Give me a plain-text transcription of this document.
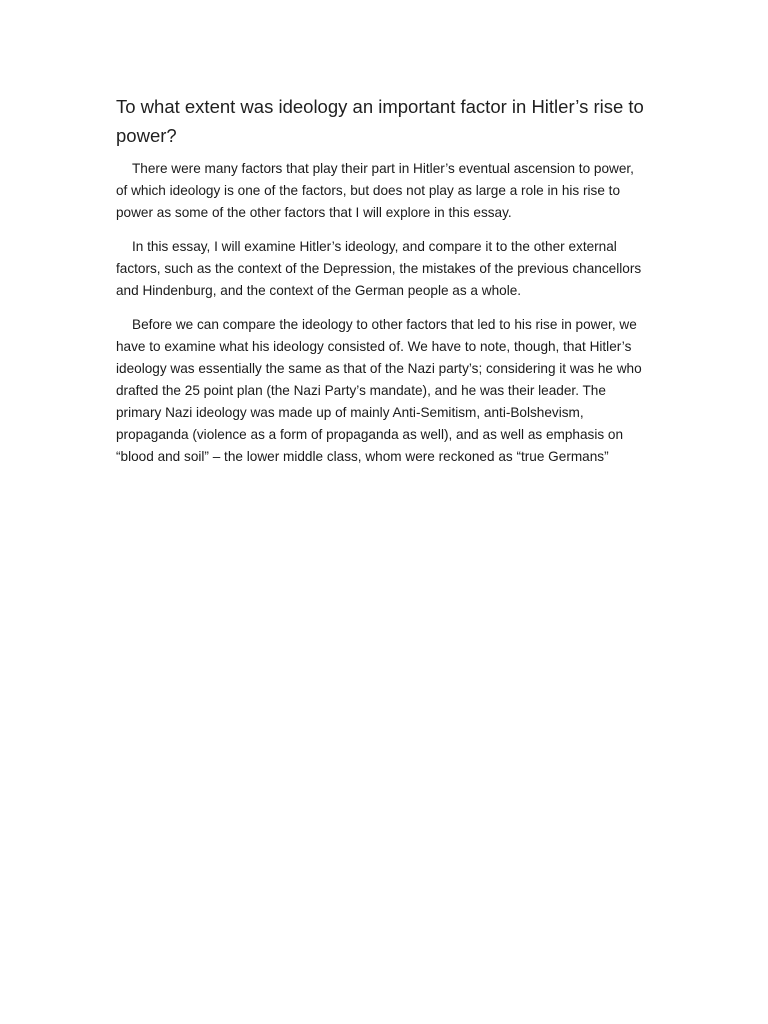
To what extent was ideology an important factor in Hitler’s rise to power?

There were many factors that play their part in Hitler’s eventual ascension to power, of which ideology is one of the factors, but does not play as large a role in his rise to power as some of the other factors that I will explore in this essay.

In this essay, I will examine Hitler’s ideology, and compare it to the other external factors, such as the context of the Depression, the mistakes of the previous chancellors and Hindenburg, and the context of the German people as a whole.

Before we can compare the ideology to other factors that led to his rise in power, we have to examine what his ideology consisted of. We have to note, though, that Hitler’s ideology was essentially the same as that of the Nazi party’s; considering it was he who drafted the 25 point plan (the Nazi Party’s mandate), and he was their leader. The primary Nazi ideology was made up of mainly Anti-Semitism, anti-Bolshevism, propaganda (violence as a form of propaganda as well), and as well as emphasis on “blood and soil” – the lower middle class, whom were reckoned as “true Germans”
